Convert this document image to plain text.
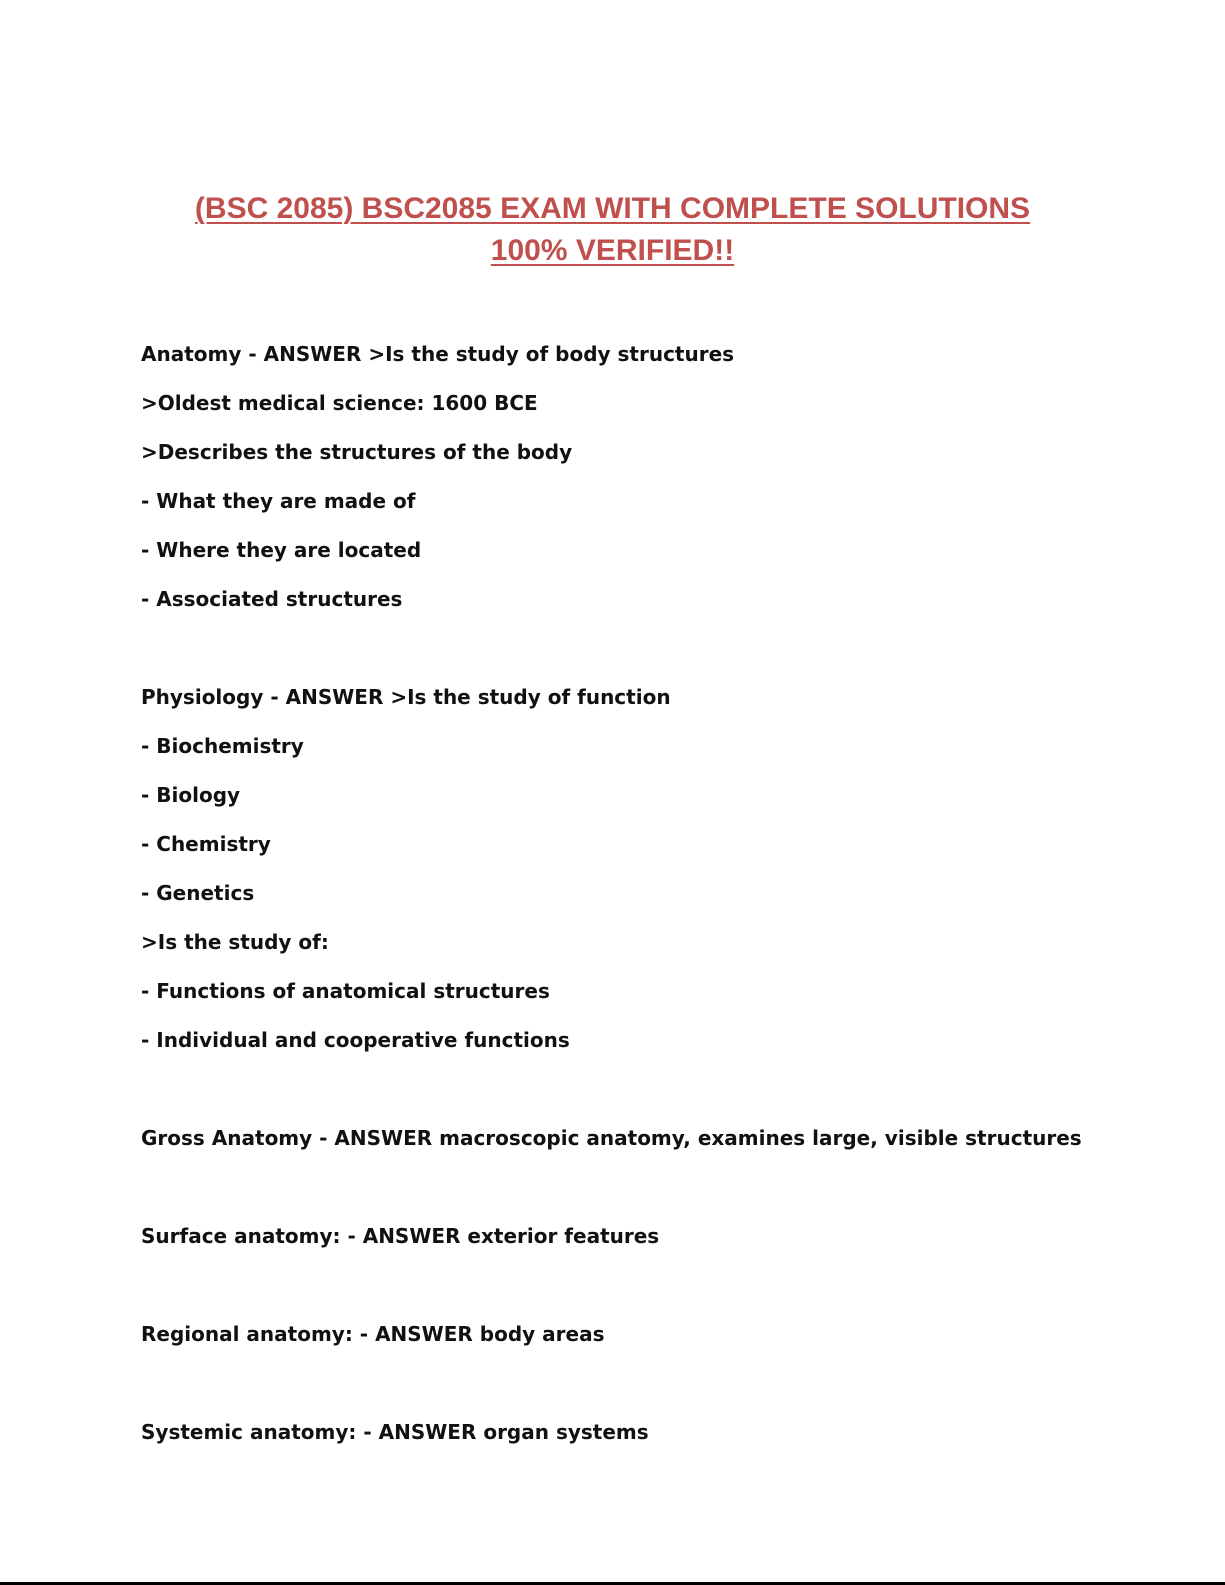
(BSC 2085) BSC2085 EXAM WITH COMPLETE SOLUTIONS
100% VERIFIED!!
Anatomy - ANSWER >Is the study of body structures
>Oldest medical science: 1600 BCE
>Describes the structures of the body
- What they are made of
- Where they are located
- Associated structures
Physiology - ANSWER >Is the study of function
- Biochemistry
- Biology
- Chemistry
- Genetics
>Is the study of:
- Functions of anatomical structures
- Individual and cooperative functions
Gross Anatomy - ANSWER macroscopic anatomy, examines large, visible structures
Surface anatomy: - ANSWER exterior features
Regional anatomy: - ANSWER body areas
Systemic anatomy: - ANSWER organ systems
